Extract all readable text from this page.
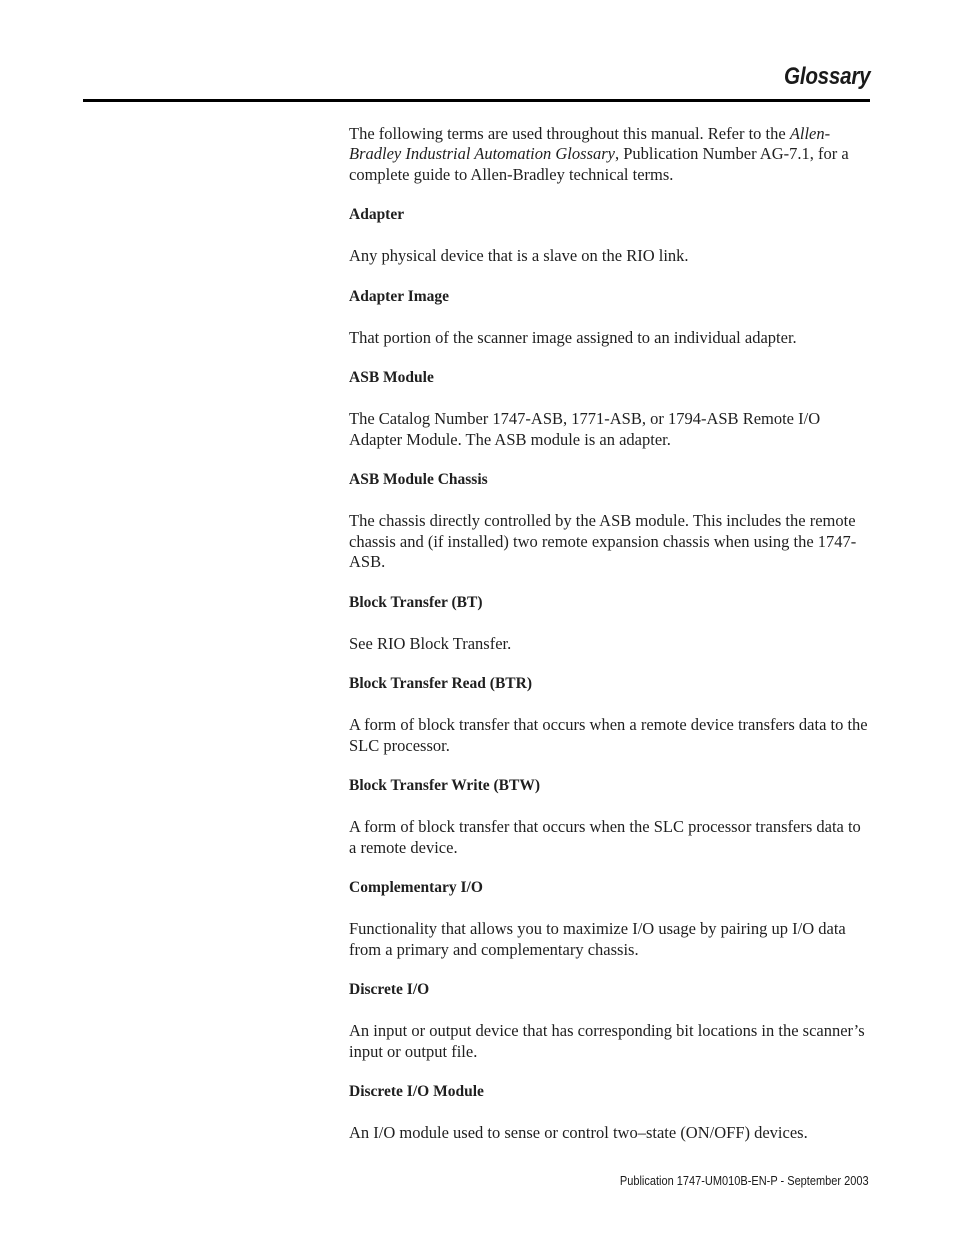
Glossary

The following terms are used throughout this manual. Refer to the Allen-Bradley Industrial Automation Glossary, Publication Number AG-7.1, for a complete guide to Allen-Bradley technical terms.

Adapter

Any physical device that is a slave on the RIO link.

Adapter Image

That portion of the scanner image assigned to an individual adapter.

ASB Module

The Catalog Number 1747-ASB, 1771-ASB, or 1794-ASB Remote I/O Adapter Module. The ASB module is an adapter.

ASB Module Chassis

The chassis directly controlled by the ASB module. This includes the remote chassis and (if installed) two remote expansion chassis when using the 1747-ASB.

Block Transfer (BT)

See RIO Block Transfer.

Block Transfer Read (BTR)

A form of block transfer that occurs when a remote device transfers data to the SLC processor.

Block Transfer Write (BTW)

A form of block transfer that occurs when the SLC processor transfers data to a remote device.

Complementary I/O

Functionality that allows you to maximize I/O usage by pairing up I/O data from a primary and complementary chassis.

Discrete I/O

An input or output device that has corresponding bit locations in the scanner’s input or output file.

Discrete I/O Module

An I/O module used to sense or control two–state (ON/OFF) devices.

Publication 1747-UM010B-EN-P - September 2003
